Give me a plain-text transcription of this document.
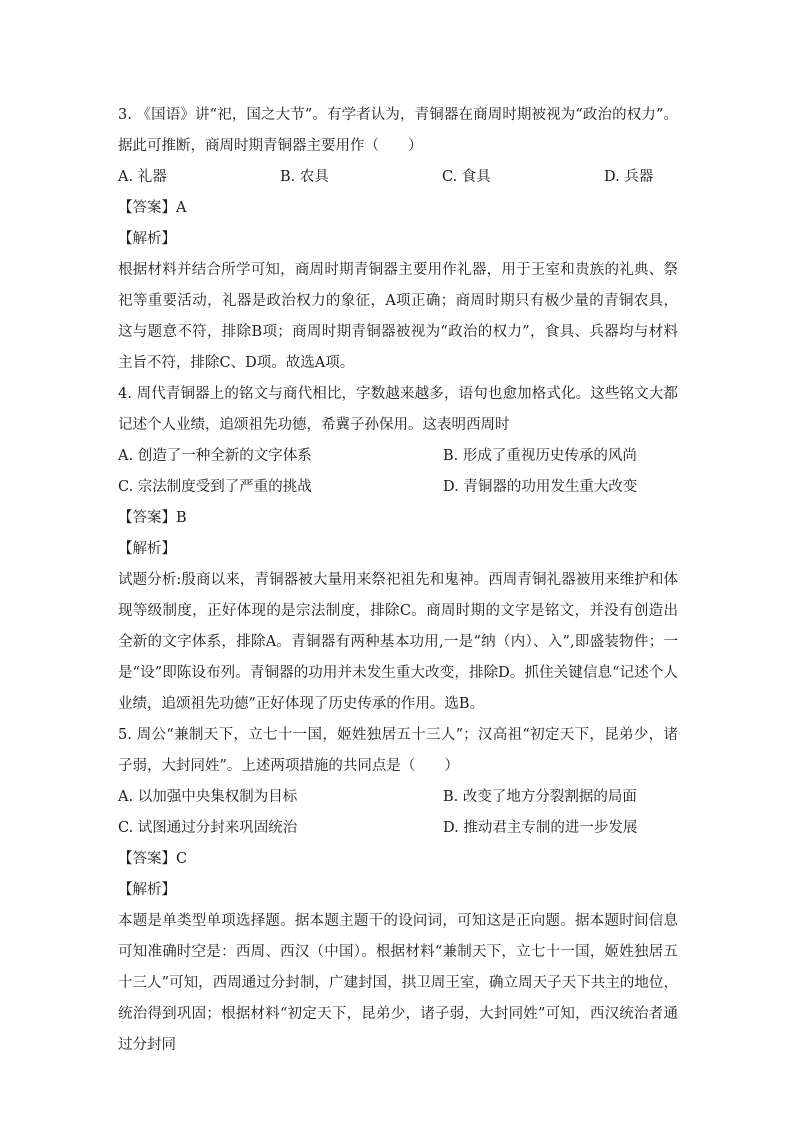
3. 《国语》讲“祀，国之大节”。有学者认为，青铜器在商周时期被视为“政治的权力”。据此可推断，商周时期青铜器主要用作（　　）

A. 礼器	B. 农具	C. 食具	D. 兵器

【答案】A

【解析】

根据材料并结合所学可知，商周时期青铜器主要用作礼器，用于王室和贵族的礼典、祭祀等重要活动，礼器是政治权力的象征，A项正确；商周时期只有极少量的青铜农具，这与题意不符，排除B项；商周时期青铜器被视为“政治的权力”，食具、兵器均与材料主旨不符，排除C、D项。故选A项。

4. 周代青铜器上的铭文与商代相比，字数越来越多，语句也愈加格式化。这些铭文大都记述个人业绩，追颂祖先功德，希冀子孙保用。这表明西周时

A. 创造了一种全新的文字体系	B. 形成了重视历史传承的风尚
C. 宗法制度受到了严重的挑战	D. 青铜器的功用发生重大改变

【答案】B

【解析】

试题分析:殷商以来，青铜器被大量用来祭祀祖先和鬼神。西周青铜礼器被用来维护和体现等级制度，正好体现的是宗法制度，排除C。商周时期的文字是铭文，并没有创造出全新的文字体系，排除A。青铜器有两种基本功用,一是“纳（内）、入”,即盛装物件；一是“设”即陈设布列。青铜器的功用并未发生重大改变，排除D。抓住关键信息“记述个人业绩，追颂祖先功德”正好体现了历史传承的作用。选B。

5. 周公“兼制天下，立七十一国，姬姓独居五十三人”；汉高祖“初定天下，昆弟少，诸子弱，大封同姓”。上述两项措施的共同点是（　　）

A. 以加强中央集权制为目标	B. 改变了地方分裂割据的局面
C. 试图通过分封来巩固统治	D. 推动君主专制的进一步发展

【答案】C

【解析】

本题是单类型单项选择题。据本题主题干的设问词，可知这是正向题。据本题时间信息可知准确时空是：西周、西汉（中国）。根据材料“兼制天下，立七十一国，姬姓独居五十三人”可知，西周通过分封制，广建封国，拱卫周王室，确立周天子天下共主的地位，统治得到巩固；根据材料“初定天下，昆弟少，诸子弱，大封同姓”可知，西汉统治者通过分封同
